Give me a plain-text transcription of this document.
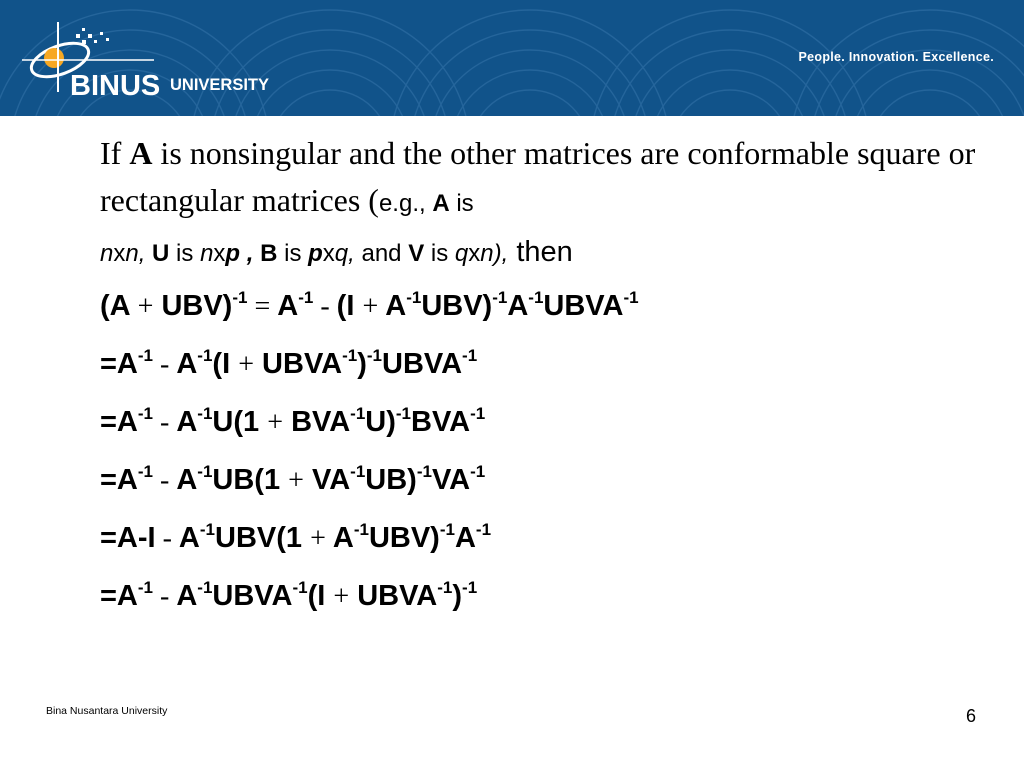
BINUS UNIVERSITY
People. Innovation. Excellence.
If A is nonsingular and the other matrices are conformable square or rectangular matrices (e.g., A is
nxn, U is nxp , B is pxq, and V is qxn), then
$(A + UBV)^{-1} = A^{-1} - (I$ + $A^{-1}UBV)^{-1}A^{-1}UBVA^{-1}$
$=A^{-1} - A^{-1}(I$ + $UBVA^{-1})^{-1}UBVA^{-1}$
$=A^{-1} - A^{-1}U(1 + BVA^{-1}U)^{-1}BVA^{-1}$
$=A^{-1} - A^{-1}UB(1 + VA^{-1}UB)^{-1}VA^{-1}$
$=A-I - A^{-1}UBV(1 + A^{-1}UBV)^{-1}A^{-1}$
$=A^{-1}$ - $A^{-1}UBVA^{-1}(I$ + $UBVA^{-1})^{-1}$
Bina Nusantara University	6
